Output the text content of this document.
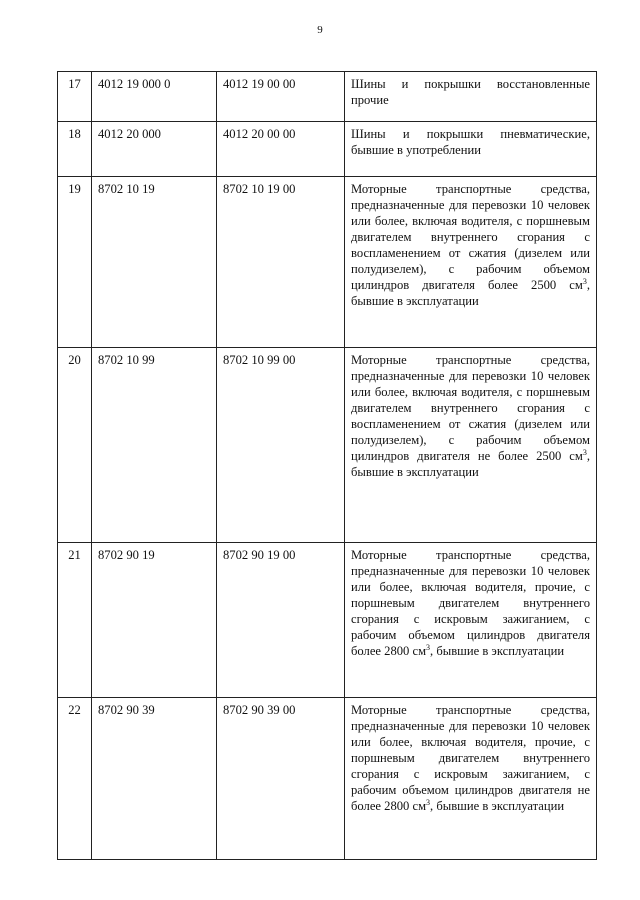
9
17	4012 19 000 0	4012 19 00 00	Шины и покрышки восстановленные прочие
18	4012 20 000	4012 20 00 00	Шины и покрышки пневматические, бывшие в употреблении
19	8702 10 19	8702 10 19 00	Моторные транспортные средства, предназначенные для перевозки 10 человек или более, включая водителя, с поршневым двигателем внутреннего сгорания с воспламенением от сжатия (дизелем или полудизелем), с рабочим объемом цилиндров двигателя более 2500 $см^3$, бывшие в эксплуатации
20	8702 10 99	8702 10 99 00	Моторные транспортные средства, предназначенные для перевозки 10 человек или более, включая водителя, с поршневым двигателем внутреннего сгорания с воспламенением от сжатия (дизелем или полудизелем), с рабочим объемом цилиндров двигателя не более 2500 $см^3$, бывшие в эксплуатации
21	8702 90 19	8702 90 19 00	Моторные транспортные средства, предназначенные для перевозки 10 человек или более, включая водителя, прочие, с поршневым двигателем внутреннего сгорания с искровым зажиганием, с рабочим объемом цилиндров двигателя более 2800 $см^3$, бывшие в эксплуатации
22	8702 90 39	8702 90 39 00	Моторные транспортные средства, предназначенные для перевозки 10 человек или более, включая водителя, прочие, с поршневым двигателем внутреннего сгорания с искровым зажиганием, с рабочим объемом цилиндров двигателя не более 2800 $см^3$, бывшие в эксплуатации
